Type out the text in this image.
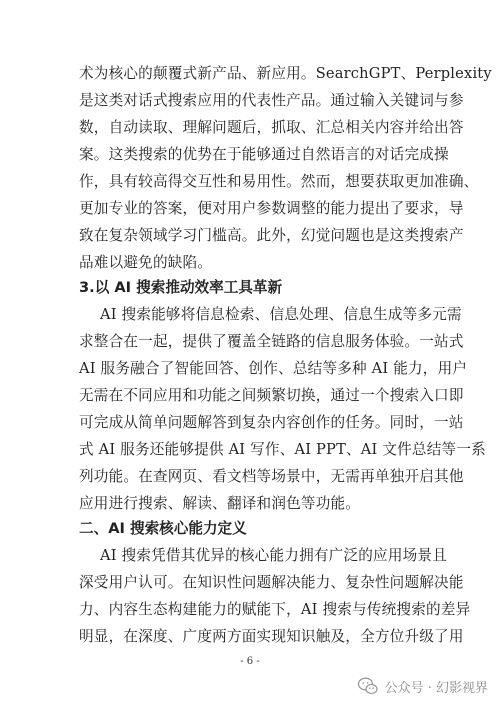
术为核心的颠覆式新产品、新应用。SearchGPT、Perplexity
是这类对话式搜索应用的代表性产品。通过输入关键词与参
数，自动读取、理解问题后，抓取、汇总相关内容并给出答
案。这类搜索的优势在于能够通过自然语言的对话完成操
作，具有较高得交互性和易用性。然而，想要获取更加准确、
更加专业的答案，便对用户参数调整的能力提出了要求，导
致在复杂领域学习门槛高。此外，幻觉问题也是这类搜索产
品难以避免的缺陷。
3.以 AI 搜索推动效率工具革新
AI 搜索能够将信息检索、信息处理、信息生成等多元需
求整合在一起，提供了覆盖全链路的信息服务体验。一站式
AI 服务融合了智能回答、创作、总结等多种 AI 能力，用户
无需在不同应用和功能之间频繁切换，通过一个搜索入口即
可完成从简单问题解答到复杂内容创作的任务。同时，一站
式 AI 服务还能够提供 AI 写作、AI PPT、AI 文件总结等一系
列功能。在查网页、看文档等场景中，无需再单独开启其他
应用进行搜索、解读、翻译和润色等功能。
二、AI 搜索核心能力定义
AI 搜索凭借其优异的核心能力拥有广泛的应用场景且
深受用户认可。在知识性问题解决能力、复杂性问题解决能
力、内容生态构建能力的赋能下，AI 搜索与传统搜索的差异
明显，在深度、广度两方面实现知识触及，全方位升级了用
- 6 -
公众号 · 幻影视界
